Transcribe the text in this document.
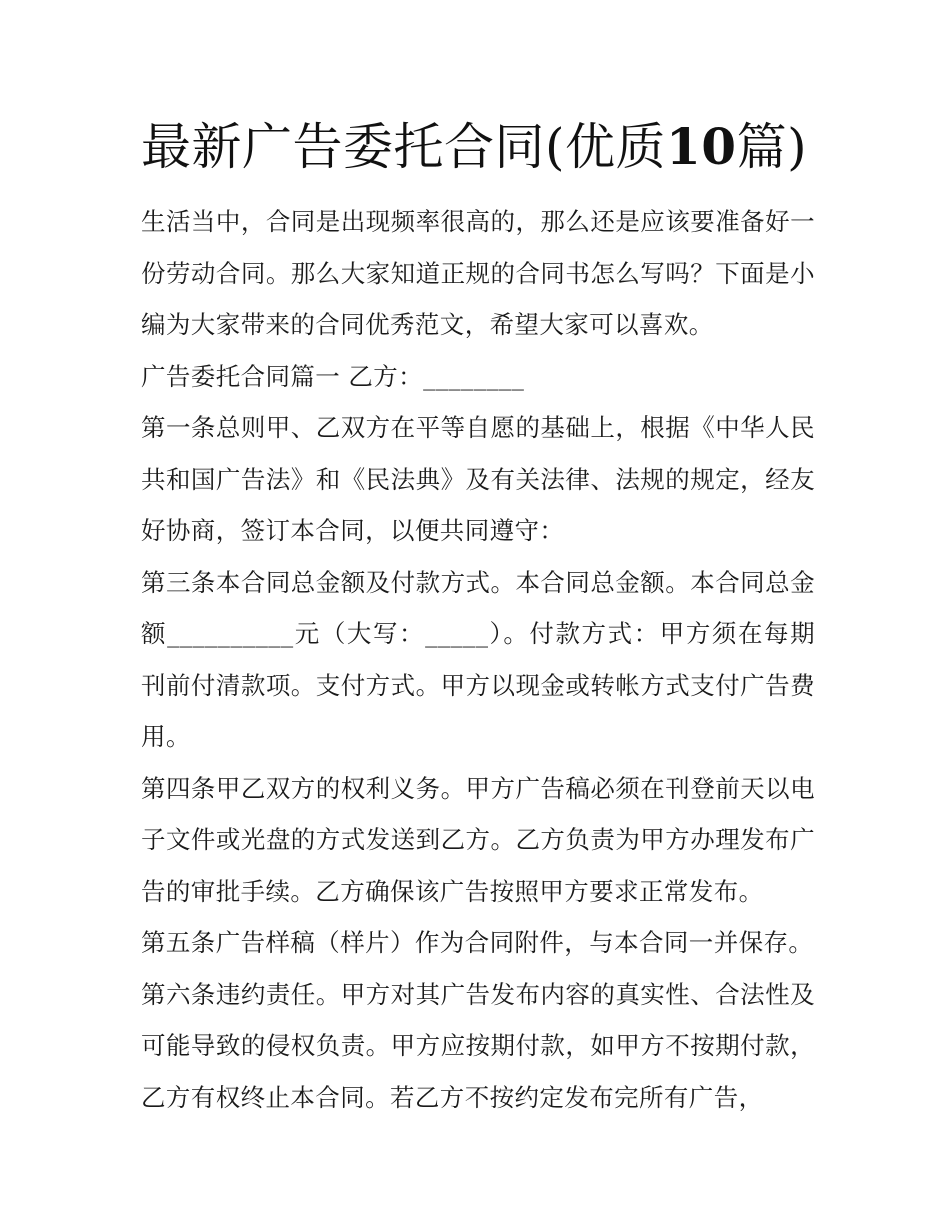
最新广告委托合同(优质10篇)

生活当中，合同是出现频率很高的，那么还是应该要准备好一份劳动合同。那么大家知道正规的合同书怎么写吗？下面是小编为大家带来的合同优秀范文，希望大家可以喜欢。

广告委托合同篇一 乙方：________

第一条总则甲、乙双方在平等自愿的基础上，根据《中华人民共和国广告法》和《民法典》及有关法律、法规的规定，经友好协商，签订本合同，以便共同遵守：

第三条本合同总金额及付款方式。本合同总金额。本合同总金额__________元（大写：_____）。付款方式：甲方须在每期刊前付清款项。支付方式。甲方以现金或转帐方式支付广告费用。

第四条甲乙双方的权利义务。甲方广告稿必须在刊登前天以电子文件或光盘的方式发送到乙方。乙方负责为甲方办理发布广告的审批手续。乙方确保该广告按照甲方要求正常发布。

第五条广告样稿（样片）作为合同附件，与本合同一并保存。

第六条违约责任。甲方对其广告发布内容的真实性、合法性及可能导致的侵权负责。甲方应按期付款，如甲方不按期付款，乙方有权终止本合同。若乙方不按约定发布完所有广告，
